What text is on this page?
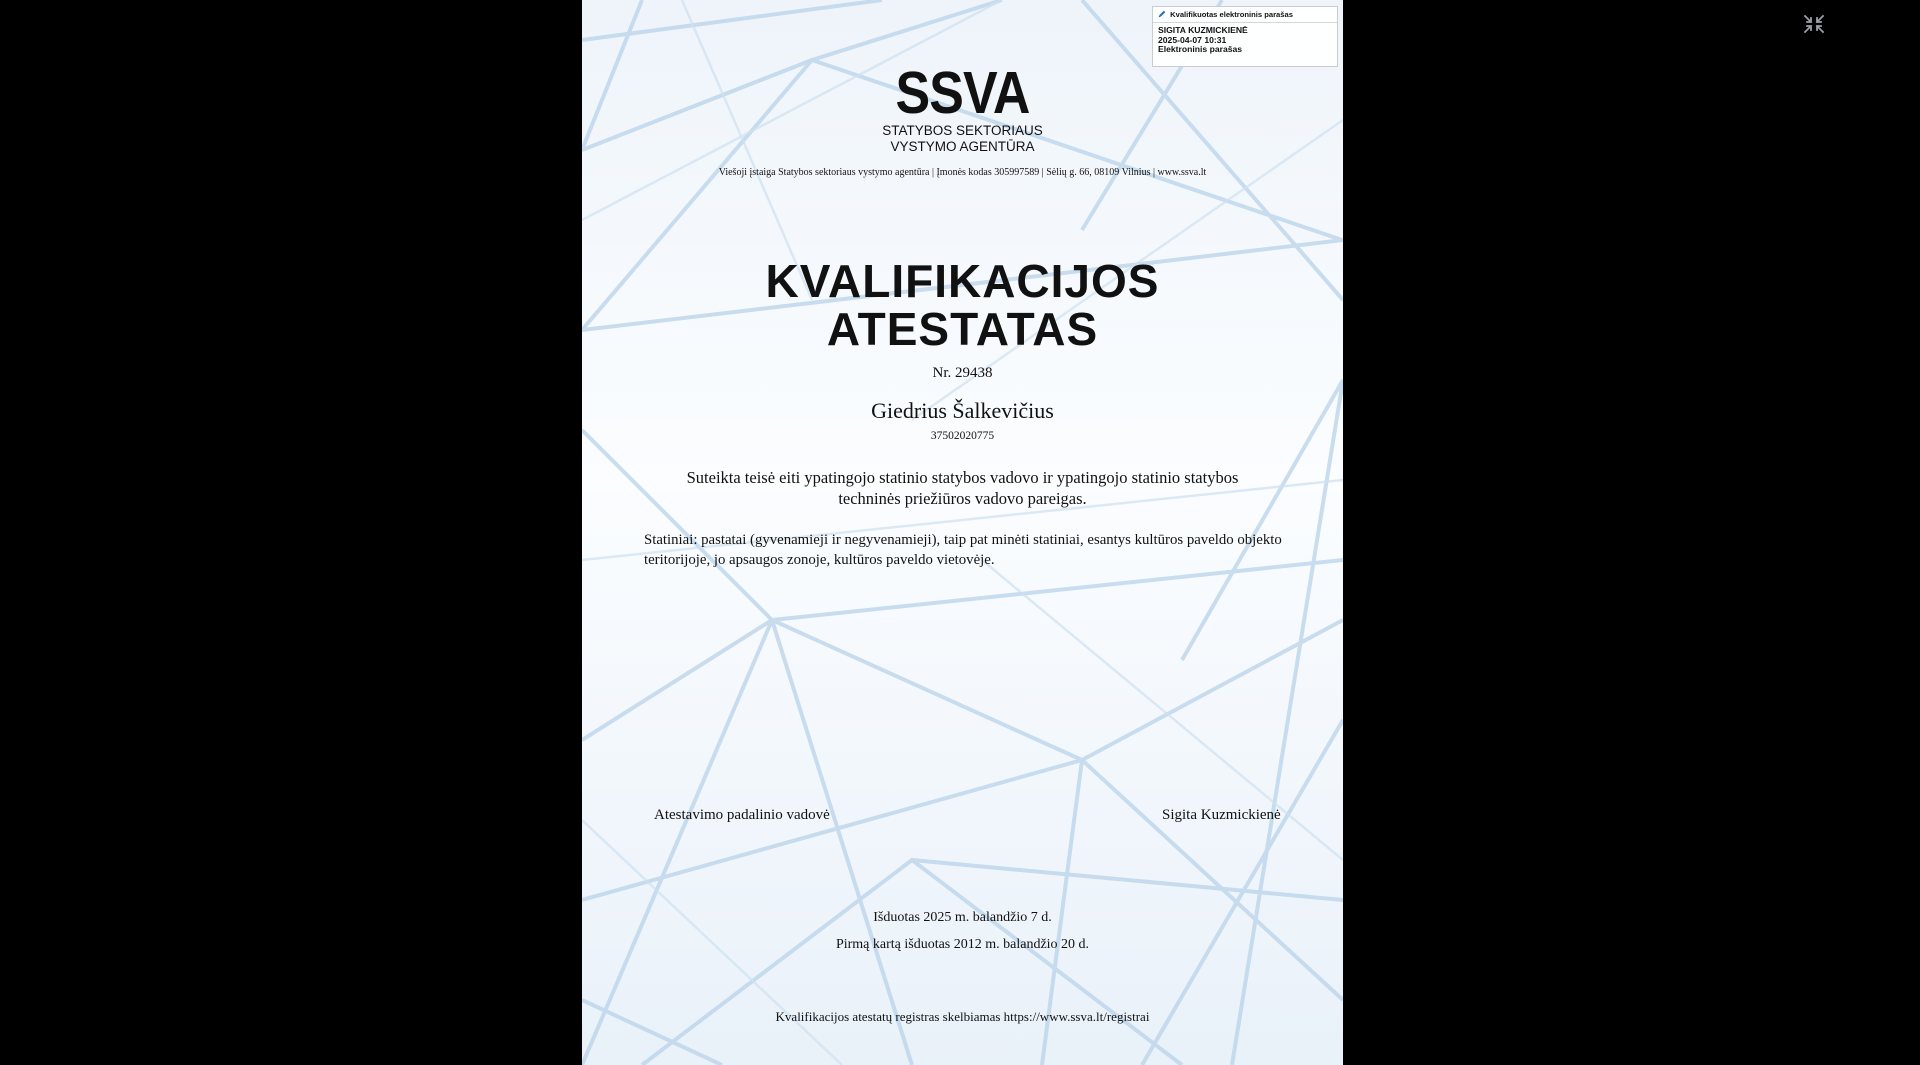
Kvalifikuotas elektroninis parašas
SIGITA KUZMICKIENĖ
2025-04-07 10:31
Elektroninis parašas
SSVA
STATYBOS SEKTORIAUS
VYSTYMO AGENTŪRA
Viešoji įstaiga Statybos sektoriaus vystymo agentūra | Įmonės kodas 305997589 | Sėlių g. 66, 08109 Vilnius | www.ssva.lt
KVALIFIKACIJOS
ATESTATAS
Nr. 29438
Giedrius Šalkevičius
37502020775
Suteikta teisė eiti ypatingojo statinio statybos vadovo ir ypatingojo statinio statybos techninės priežiūros vadovo pareigas.
Statiniai: pastatai (gyvenamieji ir negyvenamieji), taip pat minėti statiniai, esantys kultūros paveldo objekto teritorijoje, jo apsaugos zonoje, kultūros paveldo vietovėje.
Atestavimo padalinio vadovė	Sigita Kuzmickienė
Išduotas 2025 m. balandžio 7 d.
Pirmą kartą išduotas 2012 m. balandžio 20 d.
Kvalifikacijos atestatų registras skelbiamas https://www.ssva.lt/registrai
